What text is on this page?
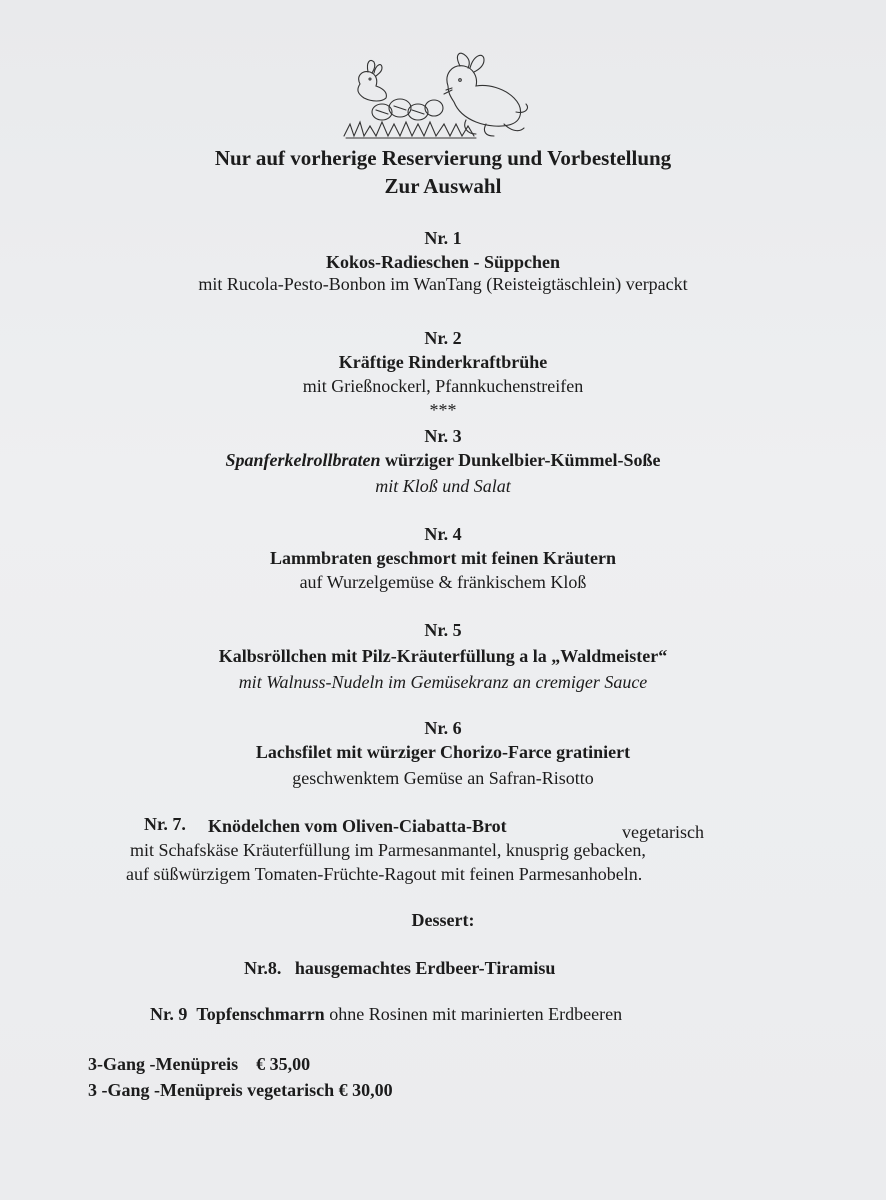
Nur auf vorherige Reservierung und Vorbestellung
Zur Auswahl
Nr. 1
Kokos-Radieschen - Süppchen
mit Rucola-Pesto-Bonbon im WanTang (Reisteigtäschlein) verpackt
Nr. 2
Kräftige Rinderkraftbrühe
mit Grießnockerl, Pfannkuchenstreifen
***
Nr. 3
Spanferkelrollbraten würziger Dunkelbier-Kümmel-Soße
mit Kloß und Salat
Nr. 4
Lammbraten geschmort mit feinen Kräutern
auf Wurzelgemüse & fränkischem Kloß
Nr. 5
Kalbsröllchen mit Pilz-Kräuterfüllung a la „Waldmeister“
mit Walnuss-Nudeln im Gemüsekranz an cremiger Sauce
Nr. 6
Lachsfilet mit würziger Chorizo-Farce gratiniert
geschwenktem Gemüse an Safran-Risotto
Nr. 7. Knödelchen vom Oliven-Ciabatta-Brot	vegetarisch
mit Schafskäse Kräuterfüllung im Parmesanmantel, knusprig gebacken,
auf süßwürzigem Tomaten-Früchte-Ragout mit feinen Parmesanhobeln.
Dessert:
Nr.8. hausgemachtes Erdbeer-Tiramisu
Nr. 9 Topfenschmarrn ohne Rosinen mit marinierten Erdbeeren
3-Gang -Menüpreis € 35,00
3 -Gang -Menüpreis vegetarisch € 30,00
